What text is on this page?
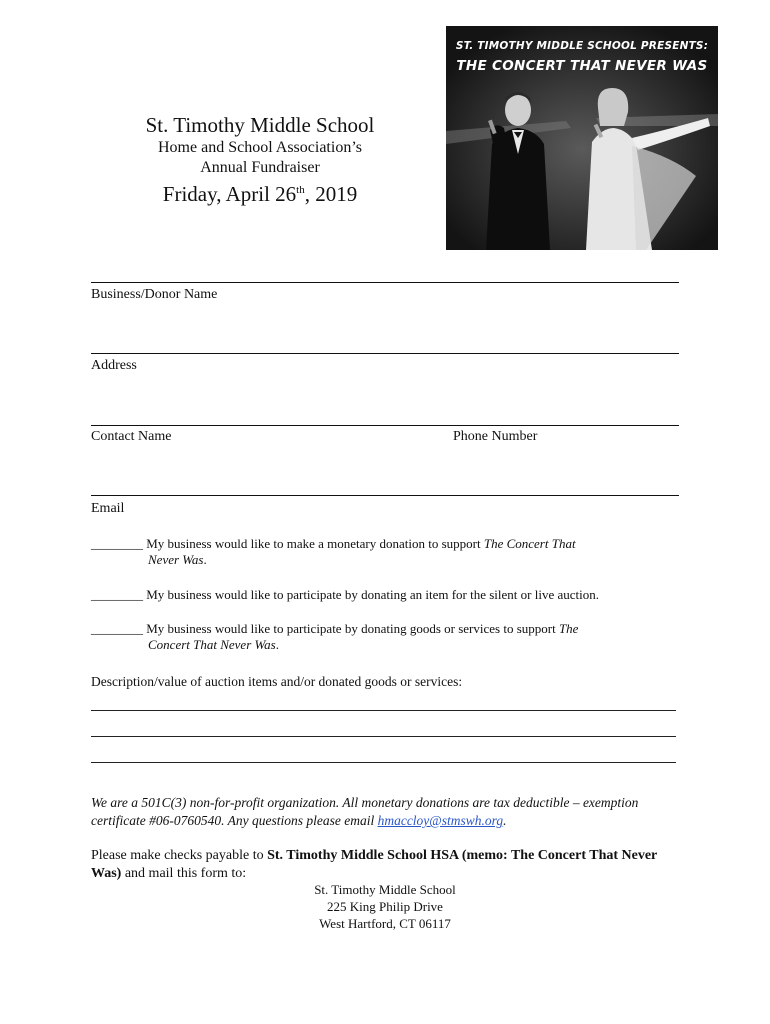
St. Timothy Middle School
Home and School Association’s
Annual Fundraiser
Friday, April 26th, 2019
ST. TIMOTHY MIDDLE SCHOOL PRESENTS:
THE CONCERT THAT NEVER WAS
Business/Donor Name
Address
Contact Name	Phone Number
Email
________ My business would like to make a monetary donation to support The Concert That
Never Was.
________ My business would like to participate by donating an item for the silent or live auction.
________ My business would like to participate by donating goods or services to support The
Concert That Never Was.
Description/value of auction items and/or donated goods or services:
We are a 501C(3) non-for-profit organization. All monetary donations are tax deductible – exemption certificate #06-0760540. Any questions please email hmaccloy@stmswh.org.
Please make checks payable to St. Timothy Middle School HSA (memo: The Concert That Never Was) and mail this form to:
St. Timothy Middle School
225 King Philip Drive
West Hartford, CT 06117
